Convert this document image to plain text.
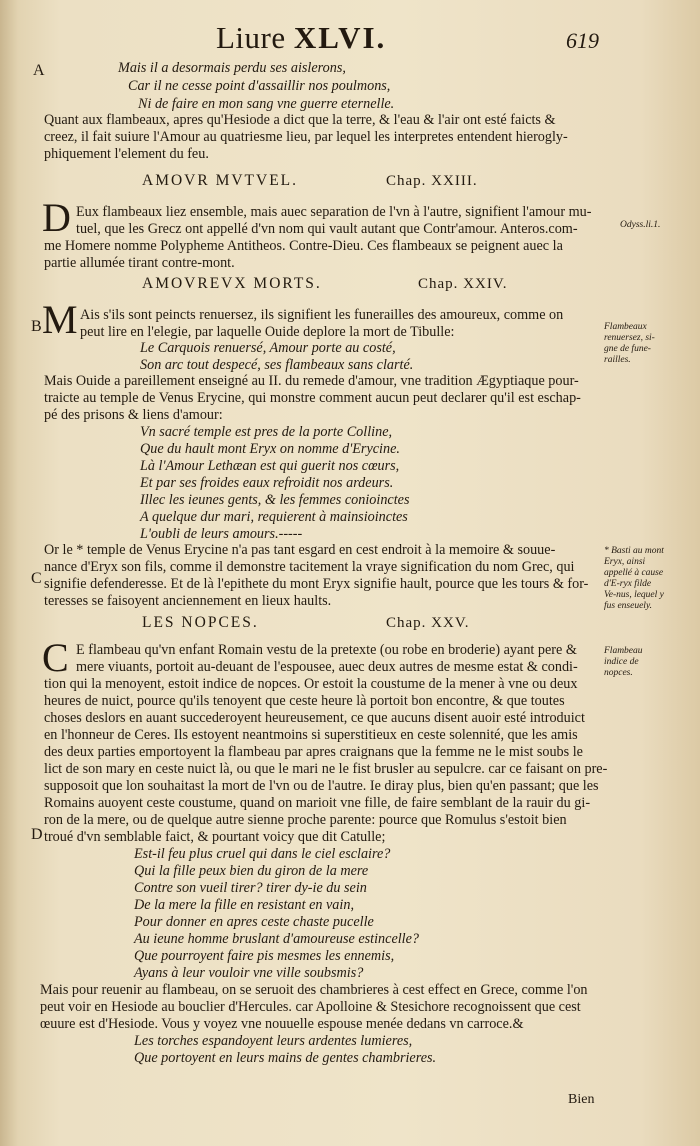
Liure XLVI.	619
A
B
C
D
Mais il a desormais perdu ses aislerons,
Car il ne cesse point d'assaillir nos poulmons,
Ni de faire en mon sang vne guerre eternelle.
Quant aux flambeaux, apres qu'Hesiode a dict que la terre, & l'eau & l'air ont esté faicts &
creez, il fait suiure l'Amour au quatriesme lieu, par lequel les interpretes entendent hierogly-
phiquement l'element du feu.
AMOVR MVTVEL.	Chap. XXIII.
D Eux flambeaux liez ensemble, mais auec separation de l'vn à l'autre, signifient l'amour mu-
tuel, que les Grecz ont appellé d'vn nom qui vault autant que Contr'amour. Anteros.com-
me Homere nomme Polypheme Antitheos. Contre-Dieu. Ces flambeaux se peignent auec la
partie allumée tirant contre-mont.
Odyss.li.1.
AMOVREVX MORTS.	Chap. XXIV.
M Ais s'ils sont peincts renuersez, ils signifient les funerailles des amoureux, comme on
peut lire en l'elegie, par laquelle Ouide deplore la mort de Tibulle:
Le Carquois renuersé, Amour porte au costé,
Son arc tout despecé, ses flambeaux sans clarté.
Mais Ouide a pareillement enseigné au II. du remede d'amour, vne tradition Ægyptiaque pour-
traicte au temple de Venus Erycine, qui monstre comment aucun peut declarer qu'il est eschap-
pé des prisons & liens d'amour:
Vn sacré temple est pres de la porte Colline,
Que du hault mont Eryx on nomme d'Erycine.
Là l'Amour Lethæan est qui guerit nos cœurs,
Et par ses froides eaux refroidit nos ardeurs.
Illec les ieunes gents, & les femmes conioinctes
A quelque dur mari, requierent à mainsioinctes
L'oubli de leurs amours.-----
Or le * temple de Venus Erycine n'a pas tant esgard en cest endroit à la memoire & souue-
nance d'Eryx son fils, comme il demonstre tacitement la vraye signification du nom Grec, qui
signifie defenderesse. Et de là l'epithete du mont Eryx signifie hault, pource que les tours & for-
teresses se faisoyent anciennement en lieux haults.
Flambeaux renuersez, si-gne de fune-railles.
* Basti au mont Eryx, ainsi appellé à cause d'E-ryx filde Ve-nus, lequel y fus enseuely.
LES NOPCES.	Chap. XXV.
C E flambeau qu'vn enfant Romain vestu de la pretexte (ou robe en broderie) ayant pere &
mere viuants, portoit au-deuant de l'espousee, auec deux autres de mesme estat & condi-
tion qui la menoyent, estoit indice de nopces. Or estoit la coustume de la mener à vne ou deux
heures de nuict, pource qu'ils tenoyent que ceste heure là portoit bon encontre, & que toutes
choses deslors en auant succederoyent heureusement, ce que aucuns disent auoir esté introduict
en l'honneur de Ceres. Ils estoyent neantmoins si superstitieux en ceste solennité, que les amis
des deux parties emportoyent la flambeau par apres craignans que la femme ne le mist soubs le
lict de son mary en ceste nuict là, ou que le mari ne le fist brusler au sepulcre. car ce faisant on pre-
supposoit que lon souhaitast la mort de l'vn ou de l'autre. Ie diray plus, bien qu'en passant; que les
Romains auoyent ceste coustume, quand on marioit vne fille, de faire semblant de la rauir du gi-
ron de la mere, ou de quelque autre sienne proche parente: pource que Romulus s'estoit bien
troué d'vn semblable faict, & pourtant voicy que dit Catulle;
Est-il feu plus cruel qui dans le ciel esclaire?
Qui la fille peux bien du giron de la mere
Contre son vueil tirer? tirer dy-ie du sein
De la mere la fille en resistant en vain,
Pour donner en apres ceste chaste pucelle
Au ieune homme bruslant d'amoureuse estincelle?
Que pourroyent faire pis mesmes les ennemis,
Ayans à leur vouloir vne ville soubsmis?
Mais pour reuenir au flambeau, on se seruoit des chambrieres à cest effect en Grece, comme l'on
peut voir en Hesiode au bouclier d'Hercules. car Apolloine & Stesichore recognoissent que cest
œuure est d'Hesiode. Vous y voyez vne nouuelle espouse menée dedans vn carroce.&
Les torches espandoyent leurs ardentes lumieres,
Que portoyent en leurs mains de gentes chambrieres.
Flambeau indice de nopces.
Bien
